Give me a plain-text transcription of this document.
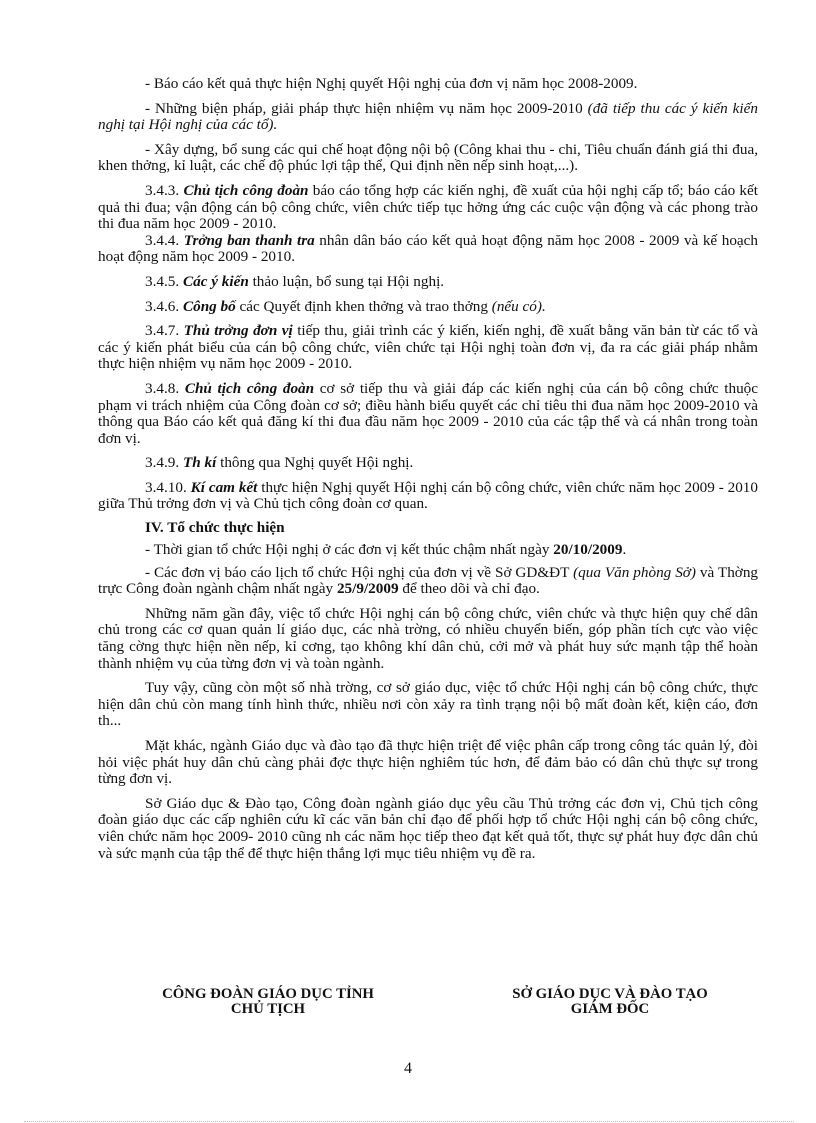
- Báo cáo kết quả thực hiện Nghị quyết Hội nghị của đơn vị năm học 2008-2009.

- Những biện pháp, giải pháp thực hiện nhiệm vụ năm học 2009-2010 (đã tiếp thu các ý kiến kiến nghị tại Hội nghị của các tổ).

- Xây dựng, bổ sung các qui chế hoạt động nội bộ (Công khai thu - chi, Tiêu chuẩn đánh giá thi đua, khen thởng, kỉ luật, các chế độ phúc lợi tập thể, Qui định nền nếp sinh hoạt,...).

3.4.3. Chủ tịch công đoàn báo cáo tổng hợp các kiến nghị, đề xuất của hội nghị cấp tổ; báo cáo kết quả thi đua; vận động cán bộ công chức, viên chức tiếp tục hởng ứng các cuộc vận động và các phong trào thi đua năm học 2009 - 2010.

3.4.4. Trởng ban thanh tra nhân dân báo cáo kết quả hoạt động năm học 2008 - 2009 và kế hoạch hoạt động năm học 2009 - 2010.

3.4.5. Các ý kiến thảo luận, bổ sung tại Hội nghị.

3.4.6. Công bố các Quyết định khen thởng và trao thởng (nếu có).

3.4.7. Thủ trởng đơn vị tiếp thu, giải trình các ý kiến, kiến nghị, đề xuất bằng văn bản từ các tổ và các ý kiến phát biểu của cán bộ công chức, viên chức tại Hội nghị toàn đơn vị, đa ra các giải pháp nhằm thực hiện nhiệm vụ năm học 2009 - 2010.

3.4.8. Chủ tịch công đoàn cơ sở tiếp thu và giải đáp các kiến nghị của cán bộ công chức thuộc phạm vi trách nhiệm của Công đoàn cơ sở; điều hành biểu quyết các chỉ tiêu thi đua năm học 2009-2010 và thông qua Báo cáo kết quả đăng kí thi đua đầu năm học 2009 - 2010 của các tập thể và cá nhân trong toàn đơn vị.

3.4.9. Th kí thông qua Nghị quyết Hội nghị.

3.4.10. Kí cam kết thực hiện Nghị quyết Hội nghị cán bộ công chức, viên chức năm học 2009 - 2010 giữa Thủ trởng đơn vị và Chủ tịch công đoàn cơ quan.

IV. Tổ chức thực hiện

- Thời gian tổ chức Hội nghị ở các đơn vị kết thúc chậm nhất ngày 20/10/2009.

- Các đơn vị báo cáo lịch tổ chức Hội nghị của đơn vị về Sở GD&ĐT (qua Văn phòng Sở) và Thờng trực Công đoàn ngành chậm nhất ngày 25/9/2009 để theo dõi và chỉ đạo.

Những năm gần đây, việc tổ chức Hội nghị cán bộ công chức, viên chức và thực hiện quy chế dân chủ trong các cơ quan quản lí giáo dục, các nhà trờng, có nhiều chuyển biến, góp phần tích cực vào việc tăng cờng thực hiện nền nếp, kỉ cơng, tạo không khí dân chủ, cởi mở và phát huy sức mạnh tập thể hoàn thành nhiệm vụ của từng đơn vị và toàn ngành.

Tuy vậy, cũng còn một số nhà trờng, cơ sở giáo dục, việc tổ chức Hội nghị cán bộ công chức, thực hiện dân chủ còn mang tính hình thức, nhiều nơi còn xảy ra tình trạng nội bộ mất đoàn kết, kiện cáo, đơn th...

Mặt khác, ngành Giáo dục và đào tạo đã thực hiện triệt để việc phân cấp trong công tác quản lý, đòi hỏi việc phát huy dân chủ càng phải đợc thực hiện nghiêm túc hơn, để đảm bảo có dân chủ thực sự trong từng đơn vị.

Sở Giáo dục & Đào tạo, Công đoàn ngành giáo dục yêu cầu Thủ trởng các đơn vị, Chủ tịch công đoàn giáo dục các cấp nghiên cứu kĩ các văn bản chỉ đạo để phối hợp tổ chức Hội nghị cán bộ công chức, viên chức năm học 2009- 2010 cũng nh các năm học tiếp theo đạt kết quả tốt, thực sự phát huy đợc dân chủ và sức mạnh của tập thể để thực hiện thắng lợi mục tiêu nhiệm vụ đề ra.

CÔNG ĐOÀN GIÁO DỤC TỈNH
CHỦ TỊCH
SỞ GIÁO DỤC VÀ ĐÀO TẠO
GIÁM ĐỐC
4
